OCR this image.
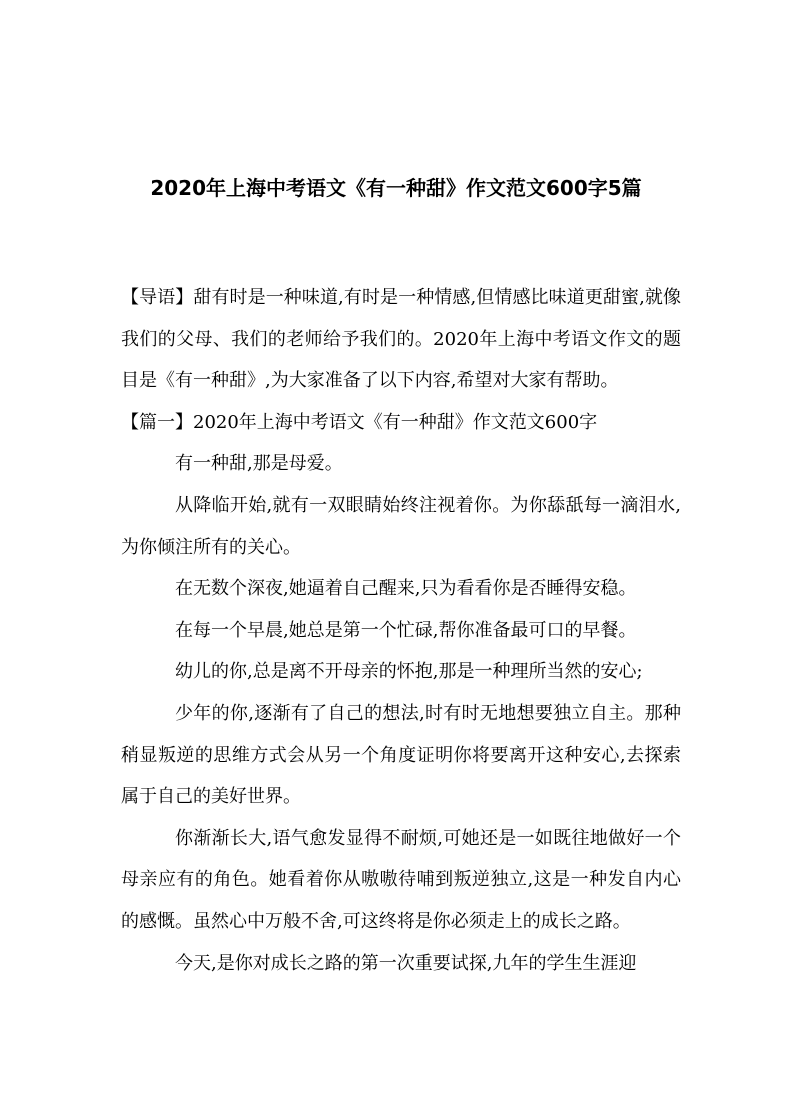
2020年上海中考语文《有一种甜》作文范文600字5篇

【导语】甜有时是一种味道,有时是一种情感,但情感比味道更甜蜜,就像我们的父母、我们的老师给予我们的。2020年上海中考语文作文的题目是《有一种甜》,为大家准备了以下内容,希望对大家有帮助。

【篇一】2020年上海中考语文《有一种甜》作文范文600字

有一种甜,那是母爱。

从降临开始,就有一双眼睛始终注视着你。为你舔舐每一滴泪水,为你倾注所有的关心。

在无数个深夜,她逼着自己醒来,只为看看你是否睡得安稳。

在每一个早晨,她总是第一个忙碌,帮你准备最可口的早餐。

幼儿的你,总是离不开母亲的怀抱,那是一种理所当然的安心;

少年的你,逐渐有了自己的想法,时有时无地想要独立自主。那种稍显叛逆的思维方式会从另一个角度证明你将要离开这种安心,去探索属于自己的美好世界。

你渐渐长大,语气愈发显得不耐烦,可她还是一如既往地做好一个母亲应有的角色。她看着你从嗷嗷待哺到叛逆独立,这是一种发自内心的感慨。虽然心中万般不舍,可这终将是你必须走上的成长之路。

今天,是你对成长之路的第一次重要试探,九年的学生生涯迎
